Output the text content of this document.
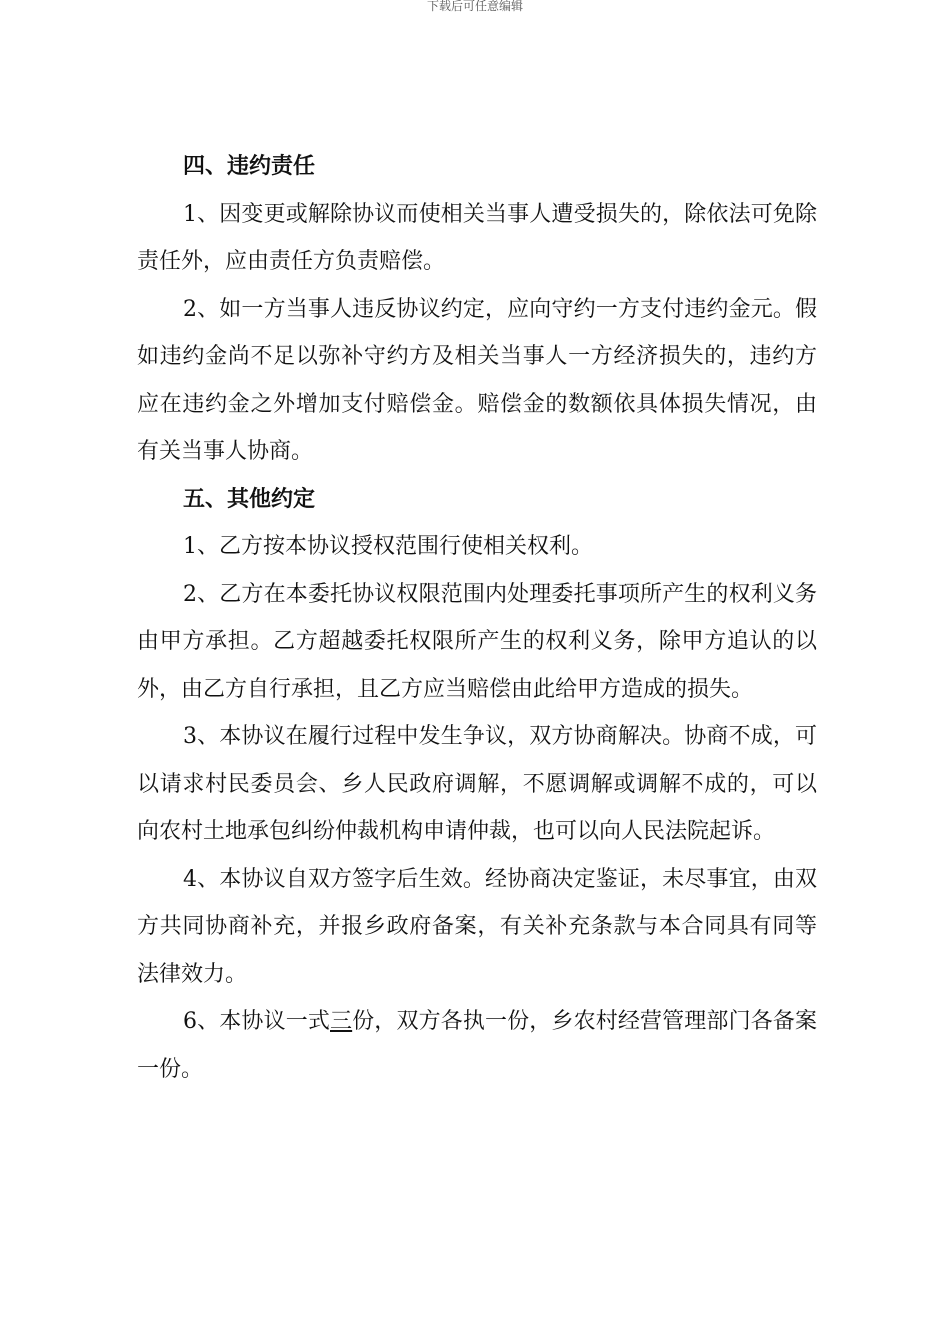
下载后可任意编辑

四、违约责任

1、因变更或解除协议而使相关当事人遭受损失的，除依法可免除责任外，应由责任方负责赔偿。

2、如一方当事人违反协议约定，应向守约一方支付违约金元。假如违约金尚不足以弥补守约方及相关当事人一方经济损失的，违约方应在违约金之外增加支付赔偿金。赔偿金的数额依具体损失情况，由有关当事人协商。

五、其他约定

1、乙方按本协议授权范围行使相关权利。

2、乙方在本委托协议权限范围内处理委托事项所产生的权利义务由甲方承担。乙方超越委托权限所产生的权利义务，除甲方追认的以外，由乙方自行承担，且乙方应当赔偿由此给甲方造成的损失。

3、本协议在履行过程中发生争议，双方协商解决。协商不成，可以请求村民委员会、乡人民政府调解，不愿调解或调解不成的，可以向农村土地承包纠纷仲裁机构申请仲裁，也可以向人民法院起诉。

4、本协议自双方签字后生效。经协商决定鉴证，未尽事宜，由双方共同协商补充，并报乡政府备案，有关补充条款与本合同具有同等法律效力。

6、本协议一式三份，双方各执一份，乡农村经营管理部门各备案一份。
